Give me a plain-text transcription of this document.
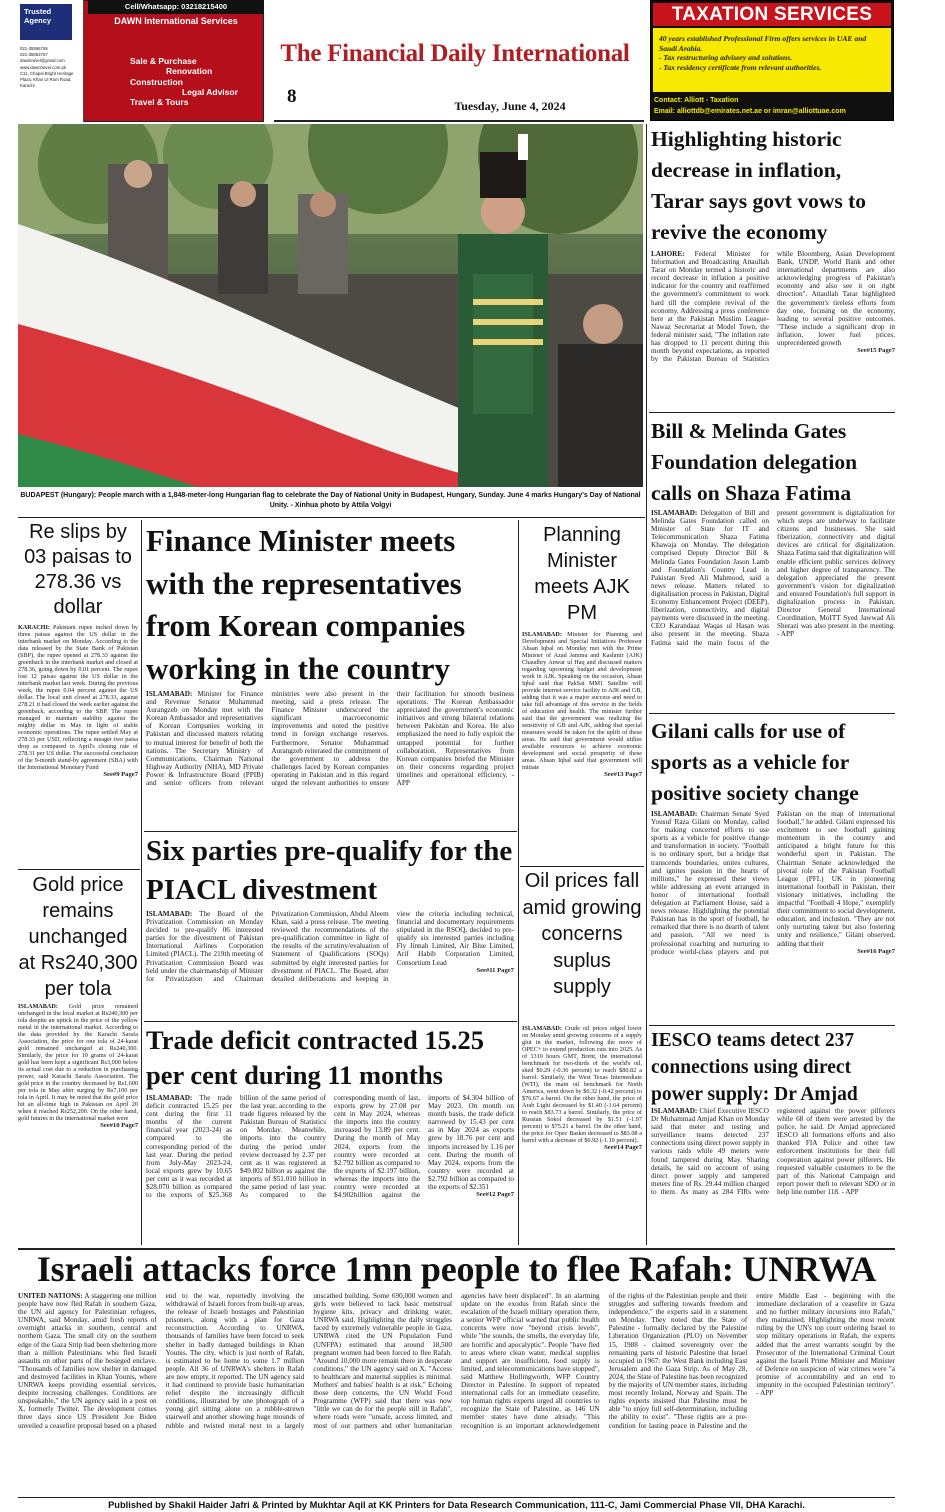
Trusted Agency
021-35866765
021-35863767
dawntravel@gmail.com
www.dawntravel.com.pk
C11, Chapal Bright Heritage Plaza, Khan Ul Rum Road, Karachi
Cell/Whatsapp: 03218215400
DAWN International Services
Sale & Purchase
Renovation
Construction
Legal Advisor
Travel & Tours
The Financial Daily International
8	Tuesday, June 4, 2024
TAXATION SERVICES
40 years established Professional Firm offers services in UAE and Saudi Arabia.
- Tax restructuring advisory and solutions.
- Tax residency certificate from relevant authorities.
Contact: Alliott - Taxation
Email: alliottdb@emirates.net.ae or imran@alliottuae.com
BUDAPEST (Hungary): People march with a 1,848-meter-long Hungarian flag to celebrate the Day of National Unity in Budapest, Hungary, Sunday. June 4 marks Hungary's Day of National Unity. - Xinhua photo by Attila Volgyi
Highlighting historic decrease in inflation, Tarar says govt vows to revive the economy
LAHORE: Federal Minister for Information and Broadcasting Attaullah Tarar on Monday termed a historic and record decrease in inflation a positive indicator for the country and reaffirmed the government's commitment to work hard till the complete revival of the economy. Addressing a press conference here at the Pakistan Muslim League-Nawaz Secretariat at Model Town, the federal minister said, "The inflation rate has dropped to 11 percent during this month beyond expectations, as reported by the Pakistan Bureau of Statistics while Bloomberg, Asian Development Bank, UNDP, World Bank and other international departments are also acknowledging progress of Pakistan's economy and also see it on right direction". Attaullah Tarar highlighted the government's tireless efforts from day one, focusing on the economy, leading to several positive outcomes. "These include a significant drop in inflation, lower fuel prices, unprecedented growth
See#15 Page7
Bill & Melinda Gates Foundation delegation calls on Shaza Fatima
ISLAMABAD: Delegation of Bill and Melinda Gates Foundation called on Minister of State for IT and Telecommunication Shaza Fatima Khawaja on Monday. The delegation comprised Deputy Director Bill & Melinda Gates Foundation Jason Lamb and Foundation's Country Lead in Pakistan Syed Ali Mahmood, said a news release. Matters related to digitalisation process in Pakistan, Digital Economy Enhancement Project (DEEP), fiberization, connectivity, and digital payments were discussed in the meeting. CEO Karandaaz Waqas ul Hasan was also present in the meeting. Shaza Fatima said the main focus of the present government is digitalization for which steps are underway to facilitate citizens and businesses. She said fiberization, connectivity and digital devices are critical for digitalization. Shaza Fatima said that digitalization will enable efficient public services delivery and higher degree of transparency. The delegation appreciated the present government's vision for digitalization and ensured Foundation's full support in digitalization process in Pakistan. Director General International Coordination, MoITT Syed Jawwad Ali Sherazi was also present in the meeting. - APP
Gilani calls for use of sports as a vehicle for positive society change
ISLAMABAD: Chairman Senate Syed Yousuf Raza Gilani on Monday, called for making concerted efforts to use sports as a vehicle for positive change and transformation in society. "Football is no ordinary sport, but a bridge that transcends boundaries, unites cultures, and ignites passion in the hearts of millions," he expressed these views while addressing an event arranged in honor of international football delegation at Parliament House, said a news release. Highlighting the potential Pakistan has in the sport of football, he remarked that there is no dearth of talent and passion. "All we need is professional coaching and nurturing to produce world-class players and put Pakistan on the map of international football," he added. Gilani expressed his excitement to see football gaining momentum in the country and anticipated a bright future for this wonderful sport in Pakistan. The Chairman Senate acknowledged the pivotal role of the Pakistan Football League (PFL) UK in pioneering international football in Pakistan, their visionary initiatives, including the impactful "Football 4 Hope," exemplify their commitment to social development, education, and inclusion. "They are not only nurturing talent but also fostering unity and resilience," Gilani observed, adding that their
See#16 Page7
IESCO teams detect 237 connections using direct power supply: Dr Amjad
ISLAMABAD: Chief Executive IESCO Dr Muhammad Amjad Khan on Monday said that meter and testing and surveillance teams detected 237 connections using direct power supply in various raids while 49 meters were found tampered during May. Sharing details, he said on account of using direct power supply and tampered meters fine of Rs. 29.44 million charged to them. As many as 284 FIRs were registered against the power pilferers while 68 of them were arrested by the police, he said. Dr Amjad appreciated IESCO all formations efforts and also thanked FIA Police and other law enforcement institutions for their full cooperation against power pilferers. He requested valuable customers to be the part of this National Campaign and report power theft to relevant SDO or in help line number 118. - APP
Re slips by 03 paisas to 278.36 vs dollar
KARACHI: Pakistani rupee inched down by three paisas against the US dollar in the interbank market on Monday. According to the data released by the State Bank of Pakistan (SBP), the rupee opened at 278.33 against the greenback in the interbank market and closed at 278.36, going down by 0.01 percent. The rupee lost 12 paisas against the US dollar in the interbank market last week. During the previous week, the rupee 0.04 percent against the US dollar. The local unit closed at 278.33, against 278.21 it had closed the week earlier against the greenback, according to the SBP. The rupee managed to maintain stability against the mighty dollar in May in light of stable economic operations. The rupee settled May at 278.33 per USD, reflecting a meager two paisa drop as compared to April's closing rate of 278.31 per US dollar. The successful conclusion of the 9-month stand-by agreement (SBA) with the International Monetary Fund
See#9 Page7
Gold price remains unchanged at Rs240,300 per tola
ISLAMABAD: Gold price remained unchanged in the local market at Rs240,300 per tola despite an uptick in the price of the yellow metal in the international market. According to the data provided by the Karachi Sarafa Association, the price for one tola of 24-karat gold remained unchanged at Rs240,300. Similarly, the price for 10 grams of 24-karat gold has been kept a significant Rs3,000 below its actual cost due to a reduction in purchasing power, said Karachi Sarafa Association. The gold price in the country decreased by Rs1,600 per tola in May after surging by Rs7,100 per tola in April. It may be noted that the gold price hit an all-time high in Pakistan on April 20 when it reached Rs252,200. On the other hand, gold futures in the international market were
See#10 Page7
Finance Minister meets with the representatives from Korean companies working in the country
ISLAMABAD: Minister for Finance and Revenue Senator Muhammad Aurangzeb on Monday met with the Korean Ambassador and representatives of Korean Companies working in Pakistan and discussed matters relating to mutual interest for benefit of both the nations. The Secretary Ministry of Communications, Chairman National Highway Authority (NHA), MD Private Power & Infrastructure Board (PPIB) and senior officers from relevant ministries were also present in the meeting, said a press release. The Finance Minister underscored the significant macroeconomic improvements and noted the positive trend in foreign exchange reserves. Furthermore, Senator Muhammad Aurangzeb reiterated the commitment of the government to address the challenges faced by Korean companies operating in Pakistan and in this regard urged the relevant authorities to ensure their facilitation for smooth business operations. The Korean Ambassador appreciated the government's economic initiatives and strong bilateral relations between Pakistan and Korea. He also emphasized the need to fully exploit the untapped potential for further collaboration. Representatives from Korean companies briefed the Minister on their concerns regarding project timelines and operational efficiency. - APP
Six parties pre-qualify for the PIACL divestment
ISLAMABAD: The Board of the Privatization Commission on Monday decided to pre-qualify 06 interested parties for the divestment of Pakistan International Airlines Corporation Limited (PIACL). The 219th meeting of Privatization Commission Board was held under the chairmanship of Minister for Privatization and Chairman Privatization Commission, Abdul Aleem Khan, said a press release. The meeting reviewed the recommendations of the pre-qualification committee in light of the results of the scrutiny/evaluation of Statement of Qualifications (SOQs) submitted by eight interested parties for divestment of PIACL. The Board, after detailed deliberations and keeping in view the criteria including technical, financial and documentary requirements stipulated in the RSOQ, decided to pre-qualify six interested parties including Fly Jinnah Limited, Air Blue Limited, Arif Habib Corporation Limited, Consortium Lead
See#11 Page7
Planning Minister meets AJK PM
ISLAMABAD: Minister for Planning and Development and Special Initiatives Professor Ahsan Iqbal on Monday met with the Prime Minister of Azad Jammu and Kashmir (AJK) Chaudhry Anwar ul Haq and discussed matters regarding upcoming budget and development work in AJK. Speaking on the occasion, Ahsan Iqbal said that PakSat MM1 Satellite will provide internet service facility to AJK and GB, adding that it was a major success and need to take full advantage of this service in the fields of education and health. The minister further said that the government was realizing the sensitivity of GB and AJK, adding that special measures would be taken for the uplift of these areas. He said that government would utilize available resources to achieve economic development and social prosperity of these areas. Ahsan Iqbal said that government will initiate
See#13 Page7
Oil prices fall amid growing concerns suplus supply
ISLAMABAD: Crude oil prices edged lower on Monday amid growing concerns of a supply glut in the market, following the move of OPEC+ to extend production cuts into 2025. As of 1310 hours GMT, Brent, the international benchmark for two-thirds of the world's oil, shed $0.29 (-0.36 percent) to reach $80.82 a barrel. Similarly, the West Texas Intermediate (WTI), the main oil benchmark for North America, went down by $0.32 (-0.42 percent) to $76.67 a barrel. On the other hand, the price of Arab Light decreased by $1.40 (-1.64 percent) to reach $83.73 a barrel. Similarly, the price of Russian Sokol decreased by $1.51 (-1.97 percent) to $75.21 a barrel. On the other hand, the price for Opec Basket decreased to $83.08 a barrel with a decrease of $0.92 (-1.10 percent).
See#14 Page7
Trade deficit contracted 15.25 per cent during 11 months
ISLAMABAD: The trade deficit contracted 15.25 per cent during the first 11 months of the current financial year (2023-24) as compared to the corresponding period of the last year. During the period from July-May 2023-24, local exports grew by 10.65 per cent as it was recorded at $28.070 billion as compared to the exports of $25.368 billion of the same period of the last year, according to the trade figures released by the Pakistan Bureau of Statistics on Monday. Meanwhile, imports into the country during the period under review decreased by 2.37 per cent as it was registered at $49.802 billion as against the imports of $51.010 billion in the same period of last year. As compared to the corresponding month of last, exports grew by 27.08 per cent in May 2024, whereas the imports into the country increased by 13.89 per cent. During the month of May 2024, exports from the country were recorded at $2.792 billion as compared to the exports of $2.197 billion, whereas the imports into the country were recorded at $4.902billion against the imports of $4.304 billion of May 2023. On month on month basis, the trade deficit narrowed by 15.43 per cent as in May 2024 as exports grew by 18.76 per cent and imports increased by 1.16 per cent. During the month of May 2024, exports from the country were recorded at $2.792 billion as compared to the exports of $2.351
See#12 Page7
Israeli attacks force 1mn people to flee Rafah: UNRWA
UNITED NATIONS: A staggering one million people have now fled Rafah in southern Gaza, the UN aid agency for Palestinian refugees, UNRWA, said Monday, amid fresh reports of overnight attacks in southern, central and northern Gaza. The small city on the southern edge of the Gaza Strip had been sheltering more than a million Palestinians who fled Israeli assaults on other parts of the besieged enclave. "Thousands of families now shelter in damaged and destroyed facilities in Khan Younis, where UNRWA keeps providing essential services, despite increasing challenges. Conditions are unspeakable," the UN agency said in a post on X, formerly Twitter. The development comes three days since US President Joe Biden unveiled a ceasefire proposal based on a phased end to the war, reportedly involving the withdrawal of Israeli forces from built-up areas, the release of Israeli hostages and Palestinian prisoners, along with a plan for Gaza reconstruction. According to UNRWA, thousands of families have been forced to seek shelter in badly damaged buildings in Khan Younis. The city, which is just north of Rafah, is estimated to be home to some 1.7 million people. All 36 of UNRWA's shelters in Rafah are now empty, it reported. The UN agency said it had continued to provide basic humanitarian relief despite the increasingly difficult conditions, illustrated by one photograph of a young girl sitting alone on a rubble-strewn stairwell and another showing huge mounds of rubble and twisted metal next to a largely unscathed building. Some 690,000 women and girls were believed to lack basic menstrual hygiene kits, privacy and drinking water, UNRWA said. Highlighting the daily struggles faced by extremely vulnerable people in Gaza, UNRWA cited the UN Population Fund (UNFPA) estimated that around 18,500 pregnant women had been forced to flee Rafah. "Around 10,000 more remain there in desperate conditions," the UN agency said on X. "Access to healthcare and maternal supplies is minimal. Mothers' and babies' health is at risk." Echoing those deep concerns, the UN World Food Programme (WFP) said that there was now "little we can do for the people still in Rafah", where roads were "unsafe, access limited, and most of our partners and other humanitarian agencies have been displaced". In an alarming update on the exodus from Rafah since the escalation of the Israeli military operation there, a senior WFP official warned that public health concerns were now "beyond crisis levels", while "the sounds, the smells, the everyday life, are horrific and apocalyptic". People "have fled to areas where clean water, medical supplies and support are insufficient, food supply is limited, and telecommunications have stopped", said Matthew Hollingworth, WFP Country Director in Palestine. In support of repeated international calls for an immediate ceasefire, top human rights experts urged all countries to recognize the State of Palestine, as 146 UN member states have done already. "This recognition is an important acknowledgement of the rights of the Palestinian people and their struggles and suffering towards freedom and independence," the experts said in a statement on Monday. They noted that the State of Palestine - formally declared by the Palestine Liberation Organization (PLO) on November 15, 1988 - claimed sovereignty over the remaining parts of historic Palestine that Israel occupied in 1967: the West Bank including East Jerusalem and the Gaza Strip. As of May 28, 2024, the State of Palestine has been recognized by the majority of UN member states, including most recently Ireland, Norway and Spain. The rights experts insisted that Palestine must be able "to enjoy full self-determination, including the ability to exist". "These rights are a pre-condition for lasting peace in Palestine and the entire Middle East - beginning with the immediate declaration of a ceasefire in Gaza and no further military incursions into Rafah," they maintained. Highlighting the most recent ruling by the UN's top court ordering Israel to stop military operations in Rafah, the experts added that the arrest warrants sought by the Prosecutor of the International Criminal Court against the Israeli Prime Minister and Minister of Defence on suspicion of war crimes were "a promise of accountability and an end to impunity in the occupied Palestinian territory". - APP
Published by Shakil Haider Jafri & Printed by Mukhtar Aqil at KK Printers for Data Research Communication, 111-C, Jami Commercial Phase VII, DHA Karachi.
